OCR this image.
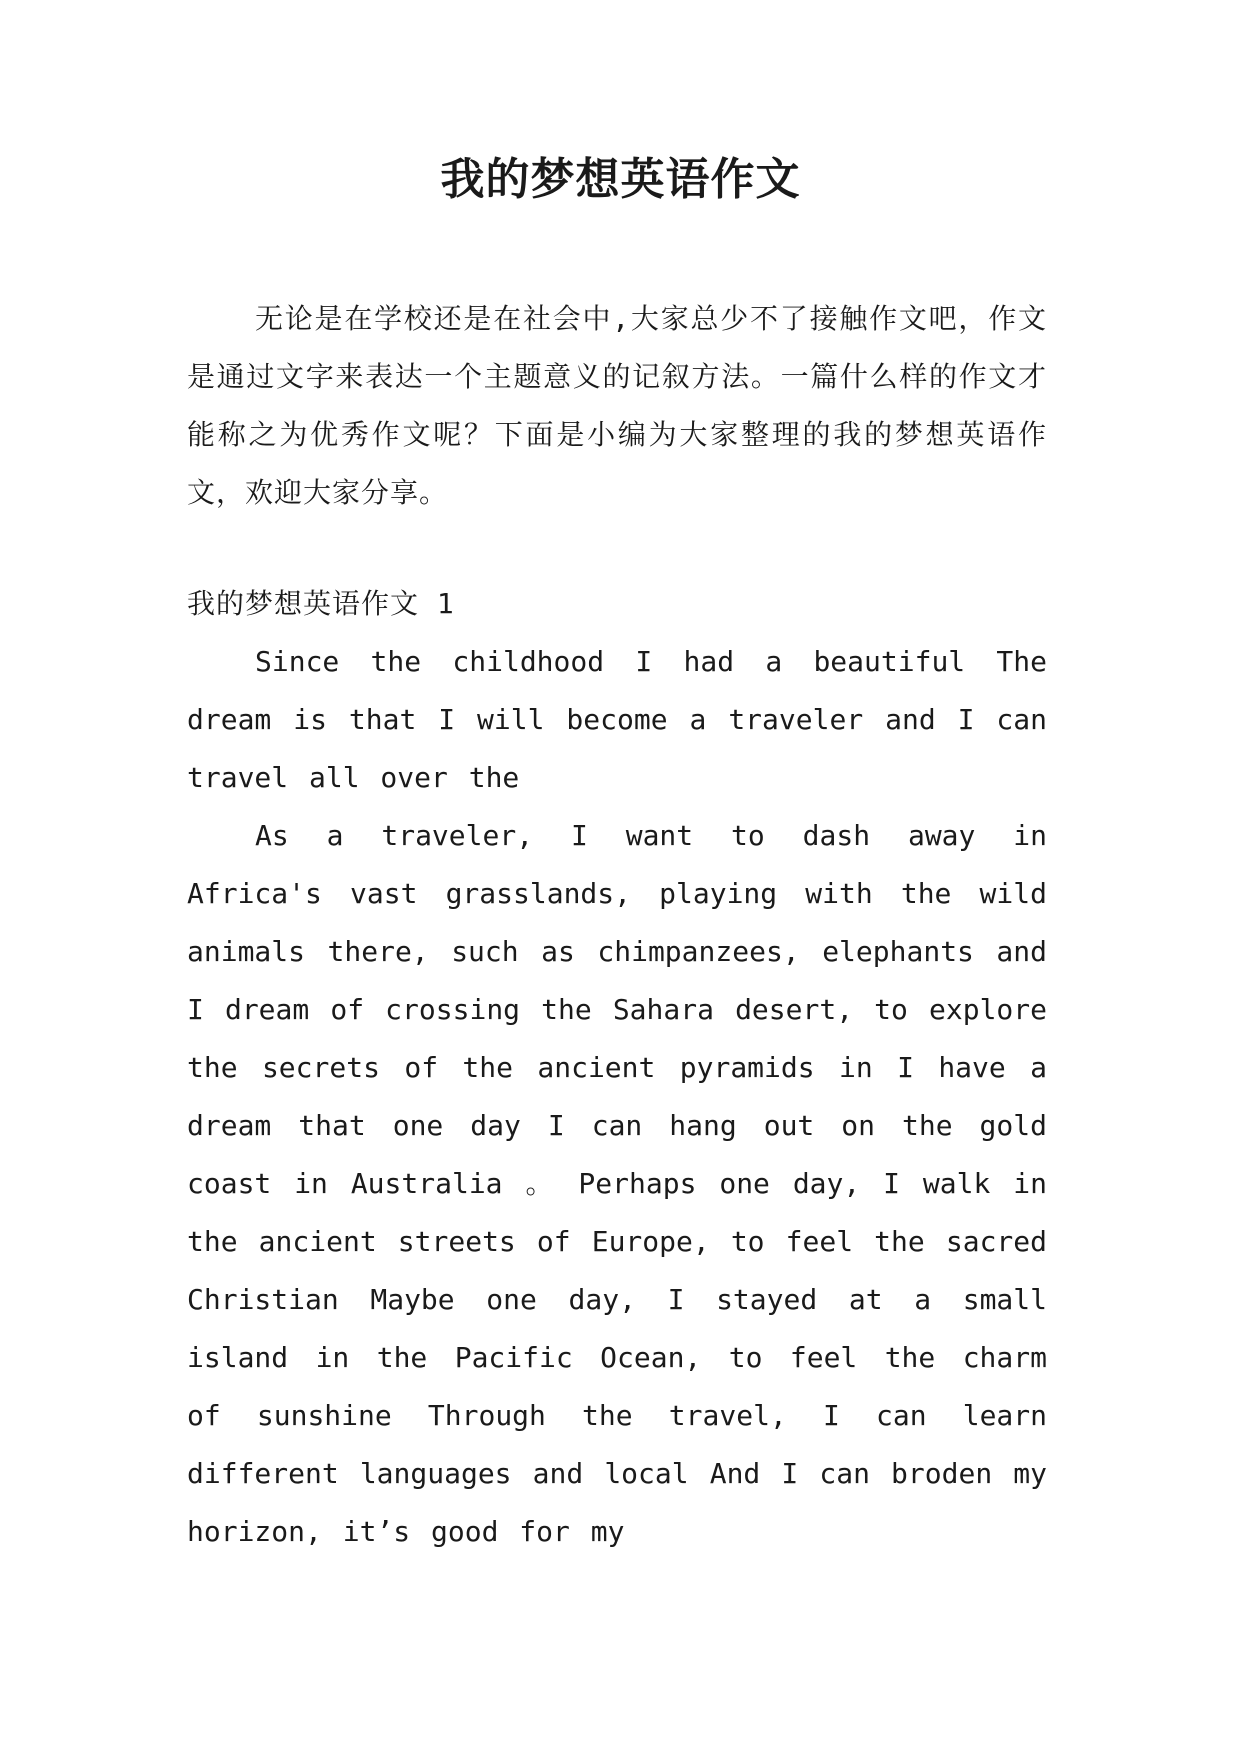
我的梦想英语作文

无论是在学校还是在社会中,大家总少不了接触作文吧，作文是通过文字来表达一个主题意义的记叙方法。一篇什么样的作文才能称之为优秀作文呢？下面是小编为大家整理的我的梦想英语作文，欢迎大家分享。

我的梦想英语作文 1

Since the childhood I had a beautiful The dream is that I will become a traveler and I can travel all over the

As a traveler, I want to dash away in Africa's vast grasslands, playing with the wild animals there, such as chimpanzees, elephants and I dream of crossing the Sahara desert, to explore the secrets of the ancient pyramids in I have a dream that one day I can hang out on the gold coast in Australia 。 Perhaps one day, I walk in the ancient streets of Europe, to feel the sacred Christian Maybe one day, I stayed at a small island in the Pacific Ocean, to feel the charm of sunshine Through the travel, I can learn different languages and local And I can broden my horizon, it’s good for my
